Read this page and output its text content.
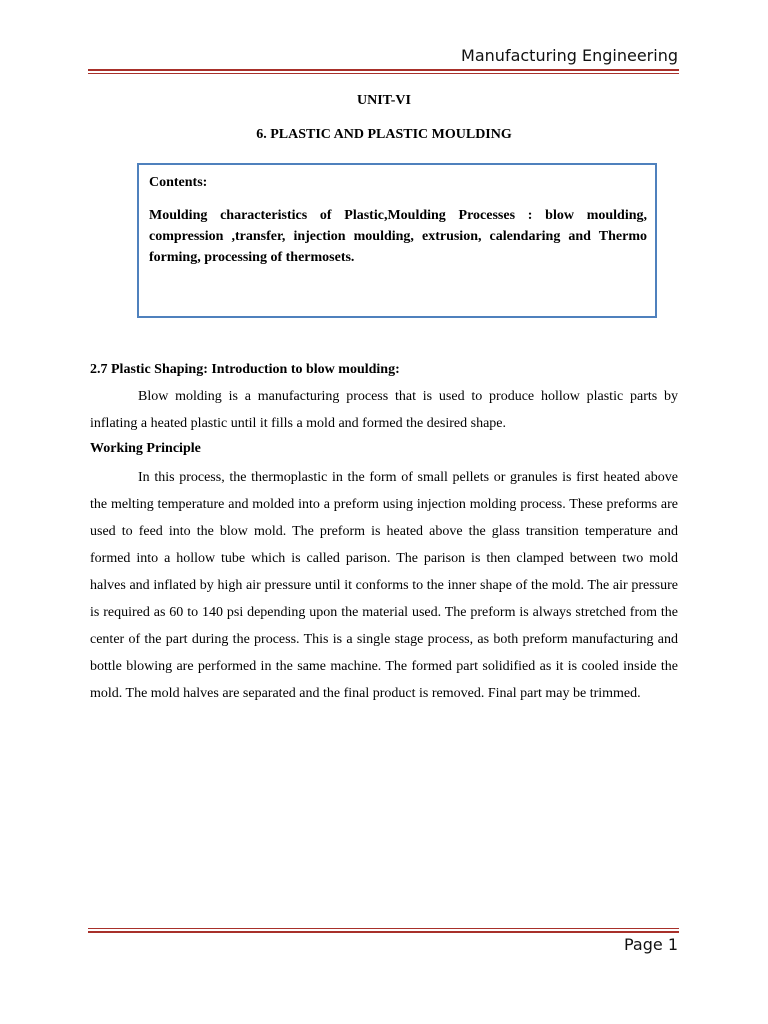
Manufacturing Engineering
UNIT-VI
6. PLASTIC AND PLASTIC MOULDING
Contents:
Moulding characteristics of Plastic,Moulding Processes : blow moulding, compression ,transfer, injection moulding, extrusion, calendaring and Thermo forming, processing of thermosets.
2.7 Plastic Shaping: Introduction to blow moulding:
Blow molding is a manufacturing process that is used to produce hollow plastic parts by inflating a heated plastic until it fills a mold and formed the desired shape.
Working Principle
In this process, the thermoplastic in the form of small pellets or granules is first heated above the melting temperature and molded into a preform using injection molding process. These preforms are used to feed into the blow mold. The preform is heated above the glass transition temperature and formed into a hollow tube which is called parison. The parison is then clamped between two mold halves and inflated by high air pressure until it conforms to the inner shape of the mold. The air pressure is required as 60 to 140 psi depending upon the material used. The preform is always stretched from the center of the part during the process. This is a single stage process, as both preform manufacturing and bottle blowing are performed in the same machine. The formed part solidified as it is cooled inside the mold. The mold halves are separated and the final product is removed. Final part may be trimmed.
Page 1
